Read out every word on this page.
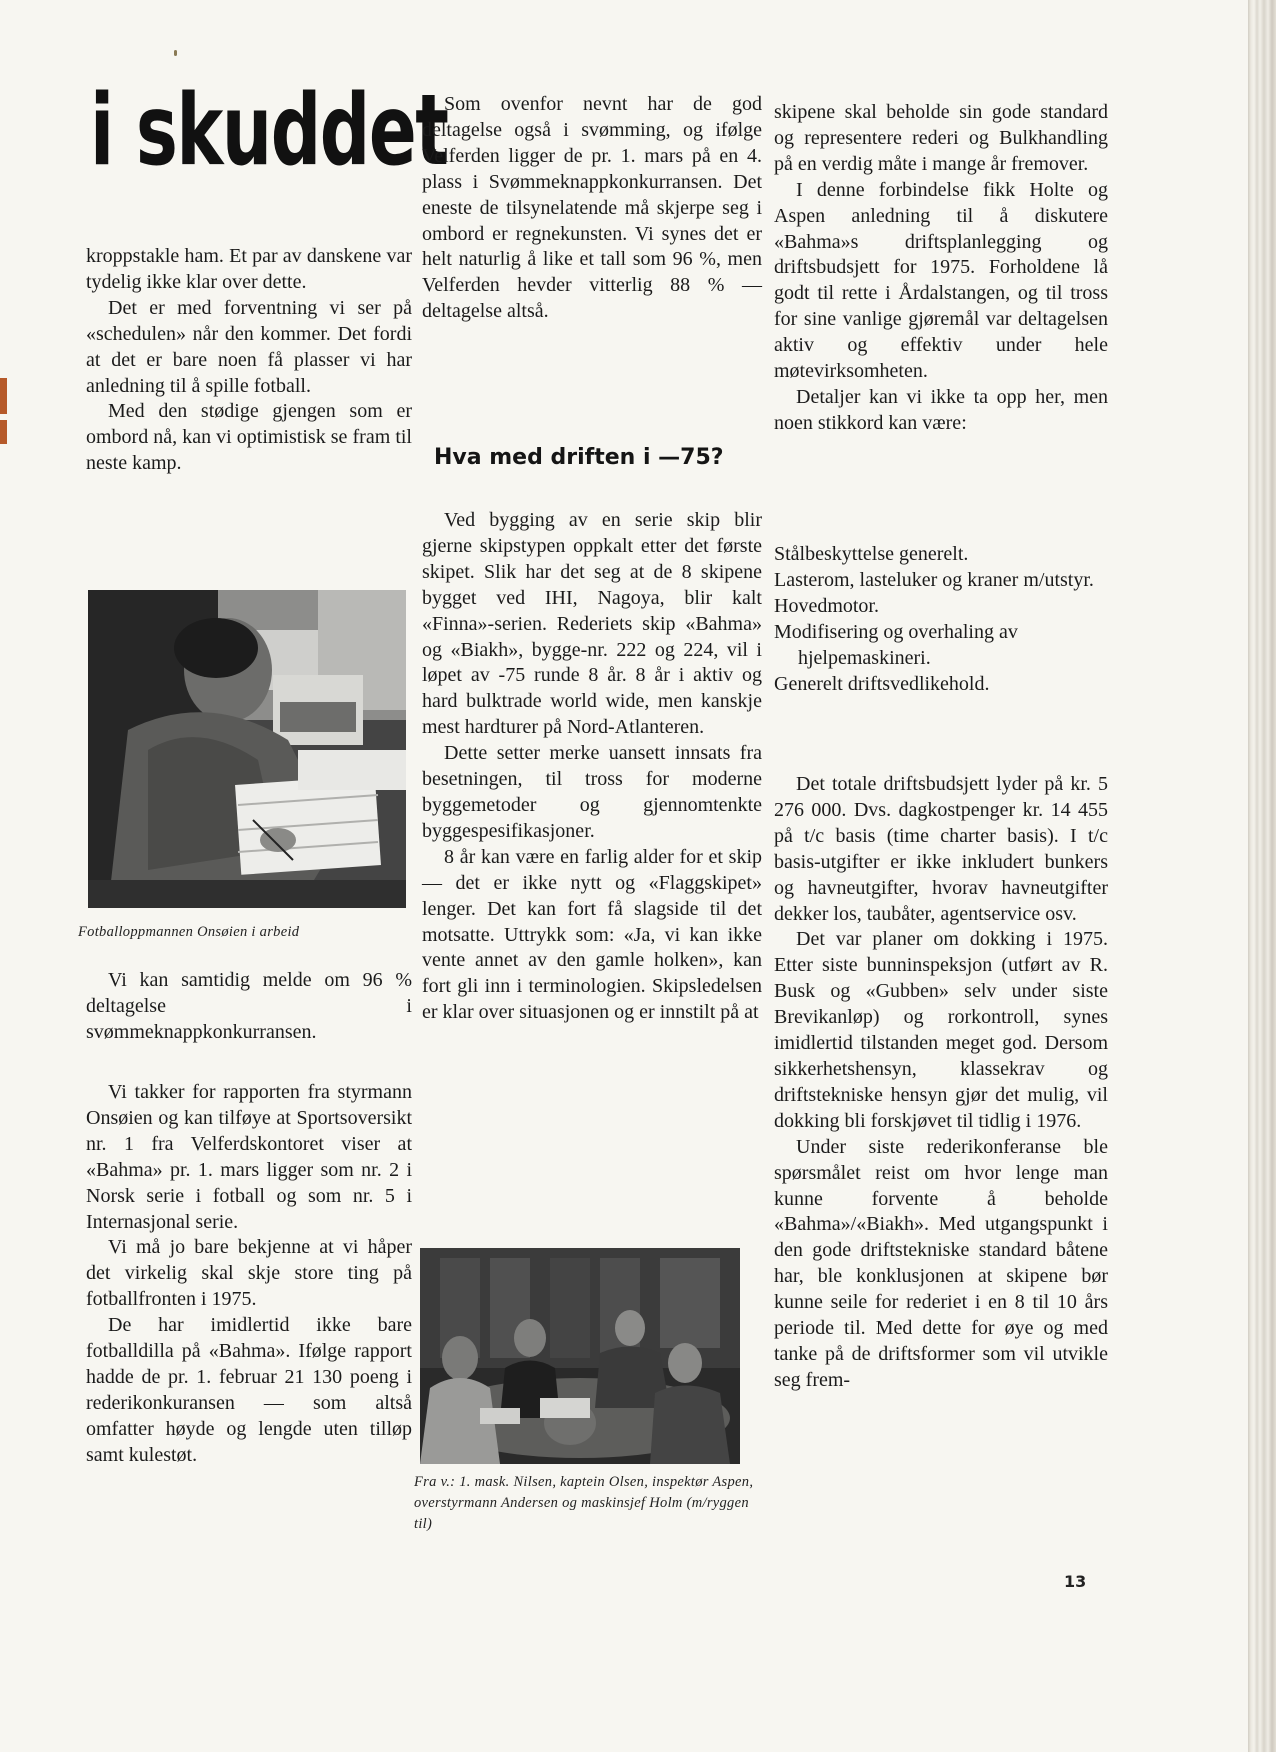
i skuddet

kroppstakle ham. Et par av danskene var tydelig ikke klar over dette.

Det er med forventning vi ser på «schedulen» når den kommer. Det fordi at det er bare noen få plasser vi har anledning til å spille fotball.

Med den stødige gjengen som er ombord nå, kan vi optimistisk se fram til neste kamp.

Fotballoppmannen Onsøien i arbeid

Vi kan samtidig melde om 96 % deltagelse i svømmeknappkonkurransen.

Vi takker for rapporten fra styrmann Onsøien og kan tilføye at Sportsoversikt nr. 1 fra Velferdskontoret viser at «Bahma» pr. 1. mars ligger som nr. 2 i Norsk serie i fotball og som nr. 5 i Internasjonal serie.

Vi må jo bare bekjenne at vi håper det virkelig skal skje store ting på fotballfronten i 1975.

De har imidlertid ikke bare fotballdilla på «Bahma». Ifølge rapport hadde de pr. 1. februar 21 130 poeng i rederikonkuransen — som altså omfatter høyde og lengde uten tilløp samt kulestøt.

Som ovenfor nevnt har de god deltagelse også i svømming, og ifølge Velferden ligger de pr. 1. mars på en 4. plass i Svømmeknappkonkurransen. Det eneste de tilsynelatende må skjerpe seg i ombord er regnekunsten. Vi synes det er helt naturlig å like et tall som 96 %, men Velferden hevder vitterlig 88 % — deltagelse altså.

Hva med driften i —75?

Ved bygging av en serie skip blir gjerne skipstypen oppkalt etter det første skipet. Slik har det seg at de 8 skipene bygget ved IHI, Nagoya, blir kalt «Finna»-serien. Rederiets skip «Bahma» og «Biakh», bygge-nr. 222 og 224, vil i løpet av -75 runde 8 år. 8 år i aktiv og hard bulktrade world wide, men kanskje mest hardturer på Nord-Atlanteren.

Dette setter merke uansett innsats fra besetningen, til tross for moderne byggemetoder og gjennomtenkte byggespesifikasjoner.

8 år kan være en farlig alder for et skip — det er ikke nytt og «Flaggskipet» lenger. Det kan fort få slagside til det motsatte. Uttrykk som: «Ja, vi kan ikke vente annet av den gamle holken», kan fort gli inn i terminologien. Skipsledelsen er klar over situasjonen og er innstilt på at

Fra v.: 1. mask. Nilsen, kaptein Olsen, inspektør Aspen, overstyrmann Andersen og maskinsjef Holm (m/ryggen til)

skipene skal beholde sin gode standard og representere rederi og Bulkhandling på en verdig måte i mange år fremover.

I denne forbindelse fikk Holte og Aspen anledning til å diskutere «Bahma»s driftsplanlegging og driftsbudsjett for 1975. Forholdene lå godt til rette i Årdalstangen, og til tross for sine vanlige gjøremål var deltagelsen aktiv og effektiv under hele møtevirksomheten.

Detaljer kan vi ikke ta opp her, men noen stikkord kan være:

Stålbeskyttelse generelt.

Lasterom, lasteluker og kraner m/utstyr.

Hovedmotor.

Modifisering og overhaling av hjelpemaskineri.

Generelt driftsvedlikehold.

Det totale driftsbudsjett lyder på kr. 5 276 000. Dvs. dagkostpenger kr. 14 455 på t/c basis (time charter basis). I t/c basis-utgifter er ikke inkludert bunkers og havneutgifter, hvorav havneutgifter dekker los, taubåter, agentservice osv.

Det var planer om dokking i 1975. Etter siste bunninspeksjon (utført av R. Busk og «Gubben» selv under siste Brevikanløp) og rorkontroll, synes imidlertid tilstanden meget god. Dersom sikkerhetshensyn, klassekrav og driftstekniske hensyn gjør det mulig, vil dokking bli forskjøvet til tidlig i 1976.

Under siste rederikonferanse ble spørsmålet reist om hvor lenge man kunne forvente å beholde «Bahma»/«Biakh». Med utgangspunkt i den gode driftstekniske standard båtene har, ble konklusjonen at skipene bør kunne seile for rederiet i en 8 til 10 års periode til. Med dette for øye og med tanke på de driftsformer som vil utvikle seg frem-

13
